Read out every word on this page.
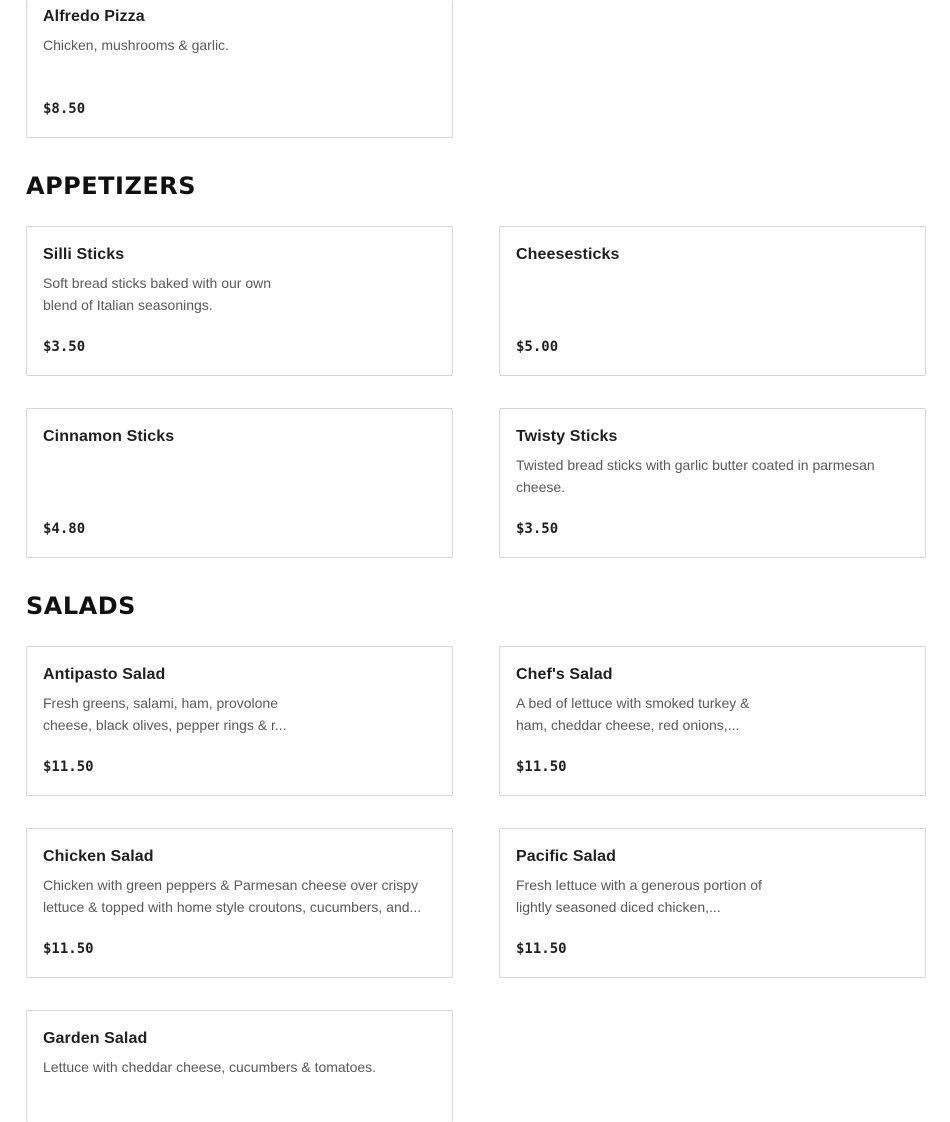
Alfredo Pizza
Chicken, mushrooms & garlic.
$8.50
APPETIZERS
Silli Sticks
Soft bread sticks baked with our own blend of Italian seasonings.
$3.50
Cheesesticks
$5.00
Cinnamon Sticks
$4.80
Twisty Sticks
Twisted bread sticks with garlic butter coated in parmesan cheese.
$3.50
SALADS
Antipasto Salad
Fresh greens, salami, ham, provolone cheese, black olives, pepper rings & r...
$11.50
Chef's Salad
A bed of lettuce with smoked turkey & ham, cheddar cheese, red onions,...
$11.50
Chicken Salad
Chicken with green peppers & Parmesan cheese over crispy lettuce & topped with home style croutons, cucumbers, and...
$11.50
Pacific Salad
Fresh lettuce with a generous portion of lightly seasoned diced chicken,...
$11.50
Garden Salad
Lettuce with cheddar cheese, cucumbers & tomatoes.
